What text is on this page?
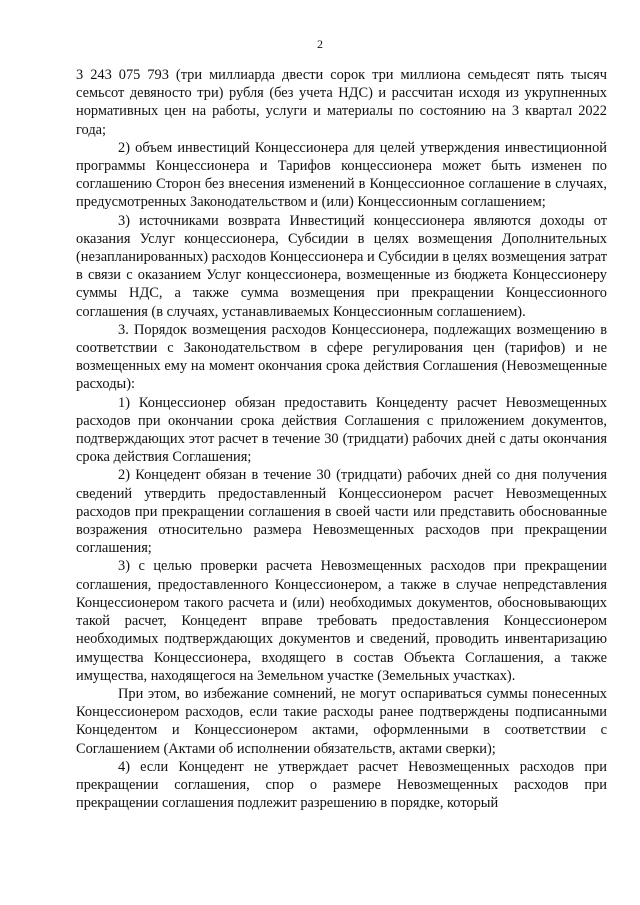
2

3 243 075 793 (три миллиарда двести сорок три миллиона семьдесят пять тысяч семьсот девяносто три) рубля (без учета НДС) и рассчитан исходя из укрупненных нормативных цен на работы, услуги и материалы по состоянию на 3 квартал 2022 года;

2) объем инвестиций Концессионера для целей утверждения инвестиционной программы Концессионера и Тарифов концессионера может быть изменен по соглашению Сторон без внесения изменений в Концессионное соглашение в случаях, предусмотренных Законодательством и (или) Концессионным соглашением;

3) источниками возврата Инвестиций концессионера являются доходы от оказания Услуг концессионера, Субсидии в целях возмещения Дополнительных (незапланированных) расходов Концессионера и Субсидии в целях возмещения затрат в связи с оказанием Услуг концессионера, возмещенные из бюджета Концессионеру суммы НДС, а также сумма возмещения при прекращении Концессионного соглашения (в случаях, устанавливаемых Концессионным соглашением).

3. Порядок возмещения расходов Концессионера, подлежащих возмещению в соответствии с Законодательством в сфере регулирования цен (тарифов) и не возмещенных ему на момент окончания срока действия Соглашения (Невозмещенные расходы):

1) Концессионер обязан предоставить Концеденту расчет Невозмещенных расходов при окончании срока действия Соглашения с приложением документов, подтверждающих этот расчет в течение 30 (тридцати) рабочих дней с даты окончания срока действия Соглашения;

2) Концедент обязан в течение 30 (тридцати) рабочих дней со дня получения сведений утвердить предоставленный Концессионером расчет Невозмещенных расходов при прекращении соглашения в своей части или представить обоснованные возражения относительно размера Невозмещенных расходов при прекращении соглашения;

3) с целью проверки расчета Невозмещенных расходов при прекращении соглашения, предоставленного Концессионером, а также в случае непредставления Концессионером такого расчета и (или) необходимых документов, обосновывающих такой расчет, Концедент вправе требовать предоставления Концессионером необходимых подтверждающих документов и сведений, проводить инвентаризацию имущества Концессионера, входящего в состав Объекта Соглашения, а также имущества, находящегося на Земельном участке (Земельных участках).

При этом, во избежание сомнений, не могут оспариваться суммы понесенных Концессионером расходов, если такие расходы ранее подтверждены подписанными Концедентом и Концессионером актами, оформленными в соответствии с Соглашением (Актами об исполнении обязательств, актами сверки);

4) если Концедент не утверждает расчет Невозмещенных расходов при прекращении соглашения, спор о размере Невозмещенных расходов при прекращении соглашения подлежит разрешению в порядке, который
